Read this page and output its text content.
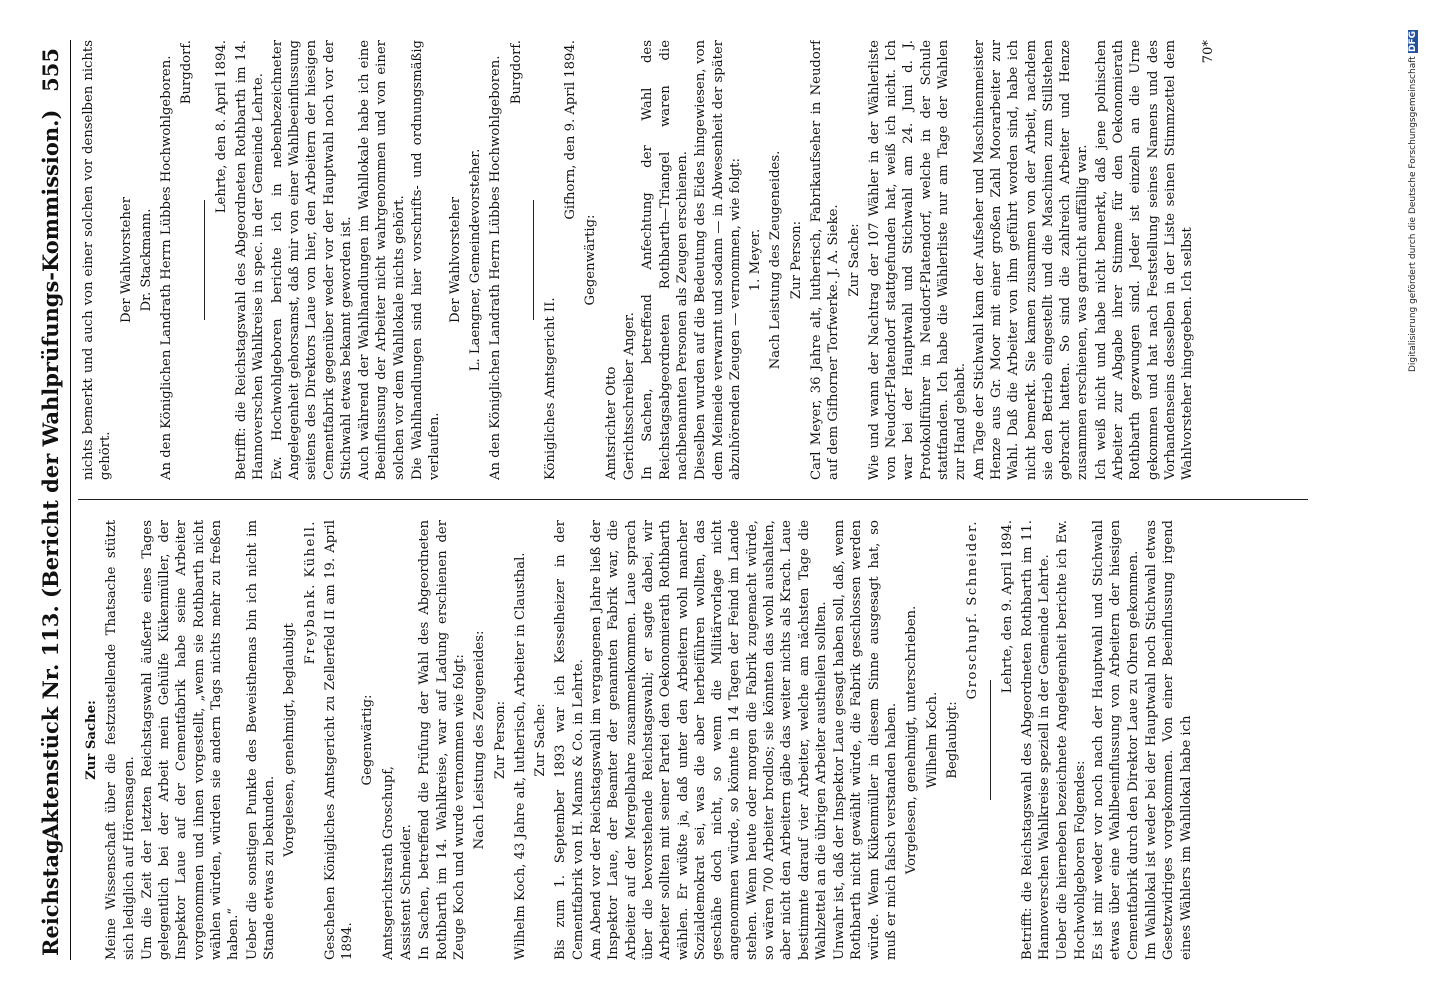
Reichstag.
Aktenstück Nr. 113. (Bericht der Wahlprüfungs-Kommission.)
555

Zur Sache: Meine Wissenschaft über die festzustellende Thatsache stützt sich lediglich auf Hörensagen. Um die Zeit der letzten Reichstagswahl äußerte eines Tages gelegentlich bei der Arbeit mein Gehülfe Kükenmüller, der Inspektor Laue auf der Cementfabrik habe seine Arbeiter vorgenommen und ihnen vorgestellt, „wenn sie Rothbarth nicht wählen würden, würden sie andern Tags nichts mehr zu freßen haben.“ Ueber die sonstigen Punkte des Beweisthemas bin ich nicht im Stande etwas zu bekunden.

Vorgelesen, genehmigt, beglaubigt

Freybank. Kühell. Geschehen Königliches Amtsgericht zu Zellerfeld II am 19. April 1894.

Gegenwärtig:

Amtsgerichtsrath Groschupf, Assistent Schneider. In Sachen, betreffend die Prüfung der Wahl des Abgeordneten Rothbarth im 14. Wahlkreise, war auf Ladung erschienen der Zeuge Koch und wurde vernommen wie folgt: Nach Leistung des Zeugeneides: Zur Person: Wilhelm Koch, 43 Jahre alt, lutherisch, Arbeiter in Clausthal. Zur Sache: Bis zum 1. September 1893 war ich Kesselheizer in der Cementfabrik von H. Manns & Co. in Lehrte. Am Abend vor der Reichstagswahl im vergangenen Jahre ließ der Inspektor Laue, der Beamter der genannten Fabrik war, die Arbeiter auf der Mergelbahre zusammenkommen. Laue sprach über die bevorstehende Reichstagswahl; er sagte dabei, wir Arbeiter sollten mit seiner Partei den Oekonomierath Rothbarth wählen. Er wüßte ja, daß unter den Arbeitern wohl mancher Sozialdemokrat sei, was die aber herbeiführen wollten, das geschähe doch nicht, so wenn die Militärvorlage nicht angenommen würde, so könnte in 14 Tagen der Feind im Lande stehen. Wenn heute oder morgen die Fabrik zugemacht würde, so wären 700 Arbeiter brodlos; sie könnten das wohl aushalten, aber nicht den Arbeitern gäbe das weiter nichts als Krach. Laue bestimmte darauf vier Arbeiter, welche am nächsten Tage die Wahlzettel an die übrigen Arbeiter austheilen sollten. Unwahr ist, daß der Inspektor Laue gesagt haben soll, daß, wenn Rothbarth nicht gewählt würde, die Fabrik geschlossen werden würde. Wenn Kükenmüller in diesem Sinne ausgesagt hat, so muß er mich falsch verstanden haben. Vorgelesen, genehmigt, unterschrieben. Wilhelm Koch. Beglaubigt:

Groschupf. Schneider. Lehrte, den 9. April 1894. Betrifft: die Reichstagswahl des Abgeordneten Rothbarth im 11. Hannoverschen Wahlkreise speziell in der Gemeinde Lehrte. Ueber die hierneben bezeichnete Angelegenheit berichte ich Ew. Hochwohlgeboren Folgendes: Es ist mir weder vor noch nach der Hauptwahl und Stichwahl etwas über eine Wahlbeeinflussung von Arbeitern der hiesigen Cementfabrik durch den Direktor Laue zu Ohren gekommen. Im Wahllokal ist weder bei der Hauptwahl noch Stichwahl etwas Gesetzwidriges vorgekommen. Von einer Beeinflussung irgend eines Wählers im Wahllokal habe ich

nichts bemerkt und auch von einer solchen vor denselben nichts gehört.

Der Wahlvorsteher Dr. Stackmann. An den Königlichen Landrath Herrn Lübbes Hochwohlgeboren. Burgdorf. Lehrte, den 8. April 1894. Betrifft: die Reichstagswahl des Abgeordneten Rothbarth im 14. Hannoverschen Wahlkreise in spec. in der Gemeinde Lehrte. Ew. Hochwohlgeboren berichte ich in nebenbezeichneter Angelegenheit gehorsamst, daß mir von einer Wahlbeeinflussung seitens des Direktors Laue von hier, den Arbeitern der hiesigen Cementfabrik gegenüber weder vor der Hauptwahl noch vor der Stichwahl etwas bekannt geworden ist. Auch während der Wahlhandlungen im Wahllokale habe ich eine Beeinflussung der Arbeiter nicht wahrgenommen und von einer solchen vor dem Wahllokale nichts gehört. Die Wahlhandlungen sind hier vorschrifts- und ordnungsmäßig verlaufen.

Der Wahlvorsteher L. Laengner, Gemeindevorsteher. An den Königlichen Landrath Herrn Lübbes Hochwohlgeboren. Burgdorf.

Königliches Amtsgericht II.

Gifhorn, den 9. April 1894.

Gegenwärtig:

Amtsrichter Otto Gerichtsschreiber Anger. In Sachen, betreffend Anfechtung der Wahl des Reichstagsabgeordneten Rothbarth—Triangel waren die nachbenannten Personen als Zeugen erschienen. Dieselben wurden auf die Bedeutung des Eides hingewiesen, von dem Meineide verwarnt und sodann — in Abwesenheit der später abzuhörenden Zeugen — vernommen, wie folgt: 1. Meyer. Nach Leistung des Zeugeneides. Zur Person: Carl Meyer, 36 Jahre alt, lutherisch, Fabrikaufseher in Neudorf auf dem Gifhorner Torfwerke. J. A. Sieke. Zur Sache: Wie und wann der Nachtrag der 107 Wähler in der Wählerliste von Neudorf-Platendorf stattgefunden hat, weiß ich nicht. Ich war bei der Hauptwahl und Stichwahl am 24. Juni d. J. Protokollführer in Neudorf-Platendorf, welche in der Schule stattfanden. Ich habe die Wählerliste nur am Tage der Wahlen zur Hand gehabt. Am Tage der Stichwahl kam der Aufseher und Maschinenmeister Henze aus Gr. Moor mit einer großen Zahl Moorarbeiter zur Wahl. Daß die Arbeiter von ihm geführt worden sind, habe ich nicht bemerkt. Sie kamen zusammen von der Arbeit, nachdem sie den Betrieb eingestellt und die Maschinen zum Stillstehen gebracht hatten. So sind die zahlreich Arbeiter und Henze zusammen erschienen, was garnicht auffällig war. Ich weiß nicht und habe nicht bemerkt, daß jene polnischen Arbeiter zur Abgabe ihrer Stimme für den Oekonomierath Rothbarth gezwungen sind. Jeder ist einzeln an die Urne gekommen und hat nach Feststellung seines Namens und des Vorhandenseins desselben in der Liste seinen Stimmzettel dem Wahlvorsteher hingegeben. Ich selbst

70*

Digitalisierung gefördert durch die Deutsche Forschungsgemeinschaft DFG
